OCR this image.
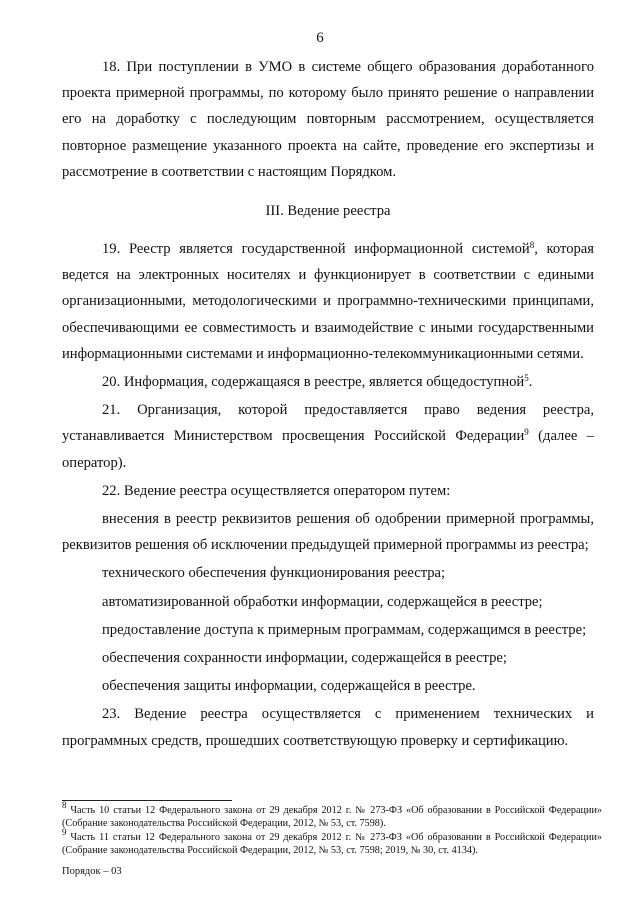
6

18. При поступлении в УМО в системе общего образования доработанного проекта примерной программы, по которому было принято решение о направлении его на доработку с последующим повторным рассмотрением, осуществляется повторное размещение указанного проекта на сайте, проведение его экспертизы и рассмотрение в соответствии с настоящим Порядком.

III. Ведение реестра

19. Реестр является государственной информационной системой$^8$, которая ведется на электронных носителях и функционирует в соответствии с едиными организационными, методологическими и программно-техническими принципами, обеспечивающими ее совместимость и взаимодействие с иными государственными информационными системами и информационно-телекоммуникационными сетями.

20. Информация, содержащаяся в реестре, является общедоступной$^5$.

21. Организация, которой предоставляется право ведения реестра, устанавливается Министерством просвещения Российской Федерации$^9$ (далее – оператор).

22. Ведение реестра осуществляется оператором путем:

внесения в реестр реквизитов решения об одобрении примерной программы, реквизитов решения об исключении предыдущей примерной программы из реестра;

технического обеспечения функционирования реестра;

автоматизированной обработки информации, содержащейся в реестре;

предоставление доступа к примерным программам, содержащимся в реестре;

обеспечения сохранности информации, содержащейся в реестре;

обеспечения защиты информации, содержащейся в реестре.

23. Ведение реестра осуществляется с применением технических и программных средств, прошедших соответствующую проверку и сертификацию.

$^8$ Часть 10 статьи 12 Федерального закона от 29 декабря 2012 г. № 273-ФЗ «Об образовании в Российской Федерации» (Собрание законодательства Российской Федерации, 2012, № 53, ст. 7598).

$^9$ Часть 11 статьи 12 Федерального закона от 29 декабря 2012 г. № 273-ФЗ «Об образовании в Российской Федерации» (Собрание законодательства Российской Федерации, 2012, № 53, ст. 7598; 2019, № 30, ст. 4134).

Порядок – 03
